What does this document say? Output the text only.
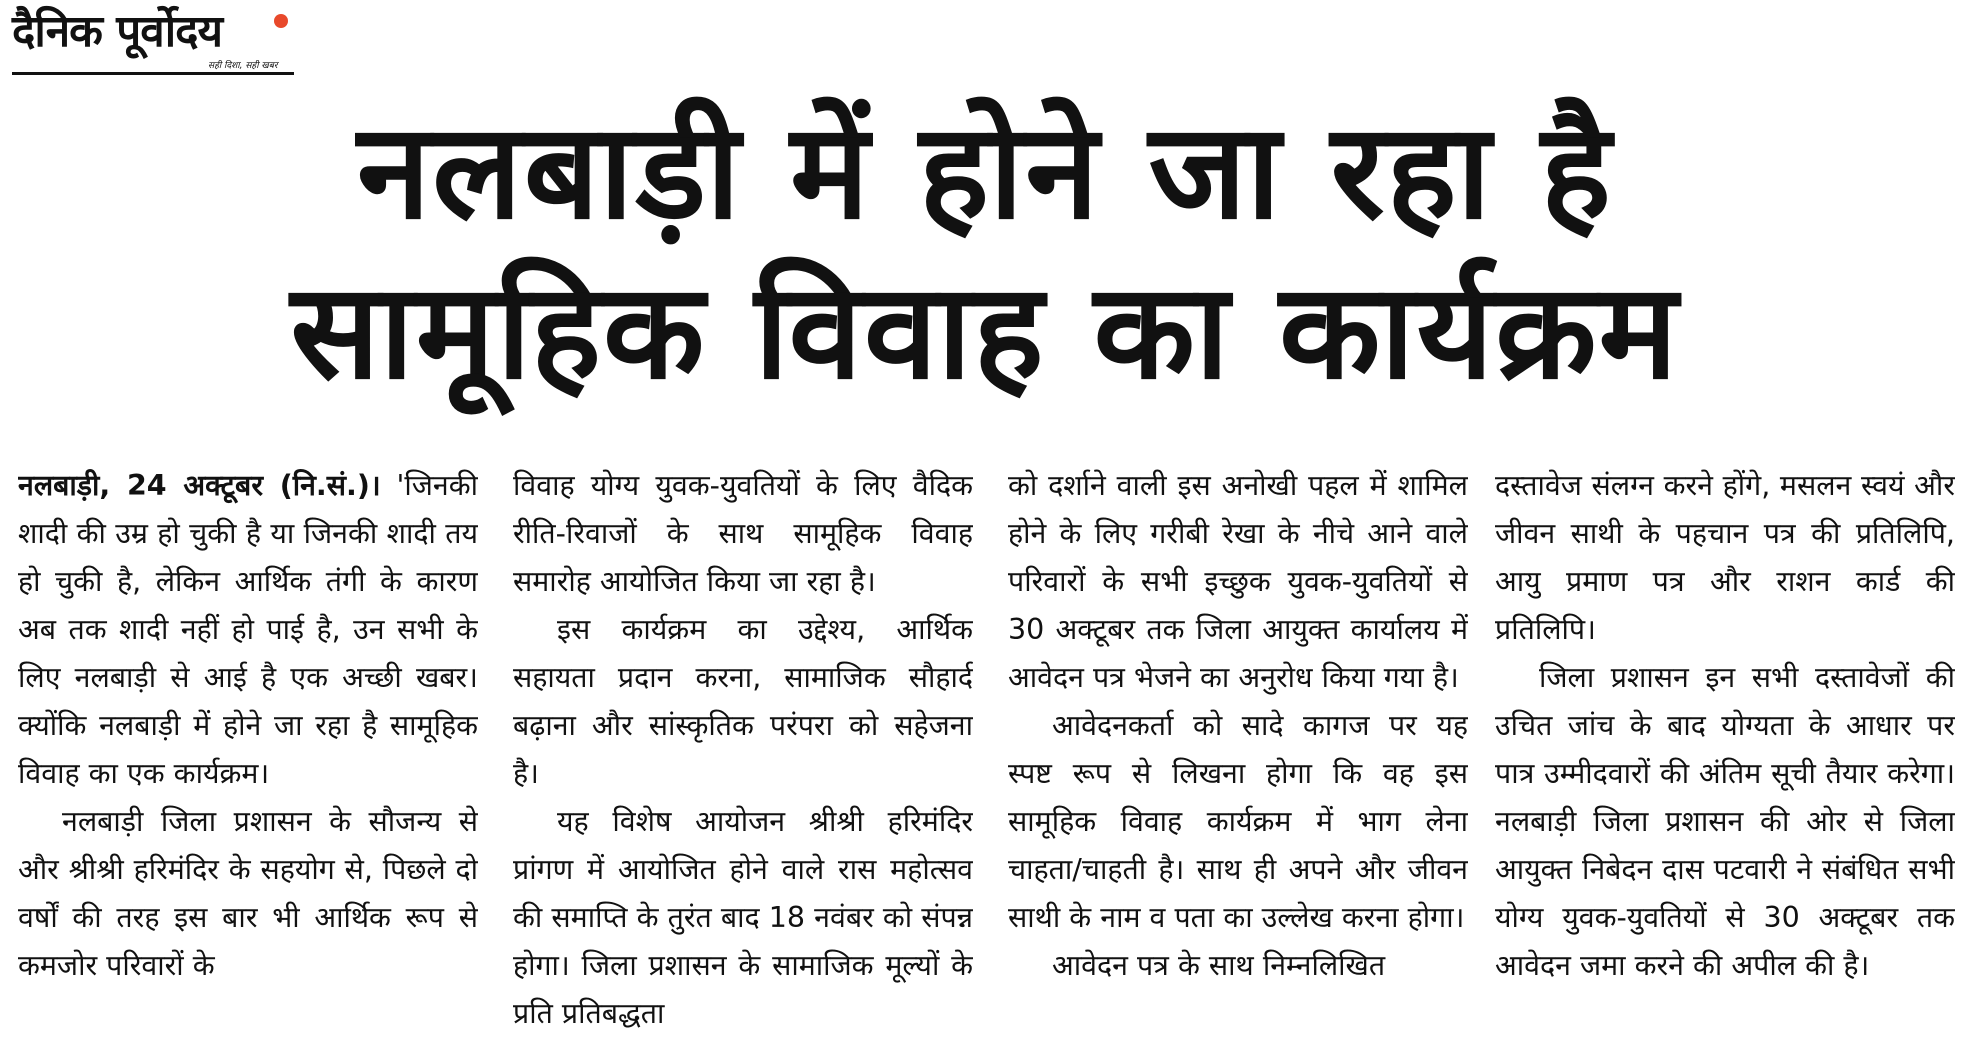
दैनिक पूर्वोदय
सही दिशा, सही खबर
नलबाड़ी में होने जा रहा है
सामूहिक विवाह का कार्यक्रम

नलबाड़ी, 24 अक्टूबर (नि.सं.)। 'जिनकी शादी की उम्र हो चुकी है या जिनकी शादी तय हो चुकी है, लेकिन आर्थिक तंगी के कारण अब तक शादी नहीं हो पाई है, उन सभी के लिए नलबाड़ी से आई है एक अच्छी खबर। क्योंकि नलबाड़ी में होने जा रहा है सामूहिक विवाह का एक कार्यक्रम।

नलबाड़ी जिला प्रशासन के सौजन्य से और श्रीश्री हरिमंदिर के सहयोग से, पिछले दो वर्षों की तरह इस बार भी आर्थिक रूप से कमजोर परिवारों के

विवाह योग्य युवक-युवतियों के लिए वैदिक रीति-रिवाजों के साथ सामूहिक विवाह समारोह आयोजित किया जा रहा है।

इस कार्यक्रम का उद्देश्य, आर्थिक सहायता प्रदान करना, सामाजिक सौहार्द बढ़ाना और सांस्कृतिक परंपरा को सहेजना है।

यह विशेष आयोजन श्रीश्री हरिमंदिर प्रांगण में आयोजित होने वाले रास महोत्सव की समाप्ति के तुरंत बाद 18 नवंबर को संपन्न होगा। जिला प्रशासन के सामाजिक मूल्यों के प्रति प्रतिबद्धता

को दर्शाने वाली इस अनोखी पहल में शामिल होने के लिए गरीबी रेखा के नीचे आने वाले परिवारों के सभी इच्छुक युवक-युवतियों से 30 अक्टूबर तक जिला आयुक्त कार्यालय में आवेदन पत्र भेजने का अनुरोध किया गया है।

आवेदनकर्ता को सादे कागज पर यह स्पष्ट रूप से लिखना होगा कि वह इस सामूहिक विवाह कार्यक्रम में भाग लेना चाहता/चाहती है। साथ ही अपने और जीवन साथी के नाम व पता का उल्लेख करना होगा।

आवेदन पत्र के साथ निम्नलिखित

दस्तावेज संलग्न करने होंगे, मसलन स्वयं और जीवन साथी के पहचान पत्र की प्रतिलिपि, आयु प्रमाण पत्र और राशन कार्ड की प्रतिलिपि।

जिला प्रशासन इन सभी दस्तावेजों की उचित जांच के बाद योग्यता के आधार पर पात्र उम्मीदवारों की अंतिम सूची तैयार करेगा। नलबाड़ी जिला प्रशासन की ओर से जिला आयुक्त निबेदन दास पटवारी ने संबंधित सभी योग्य युवक-युवतियों से 30 अक्टूबर तक आवेदन जमा करने की अपील की है।
